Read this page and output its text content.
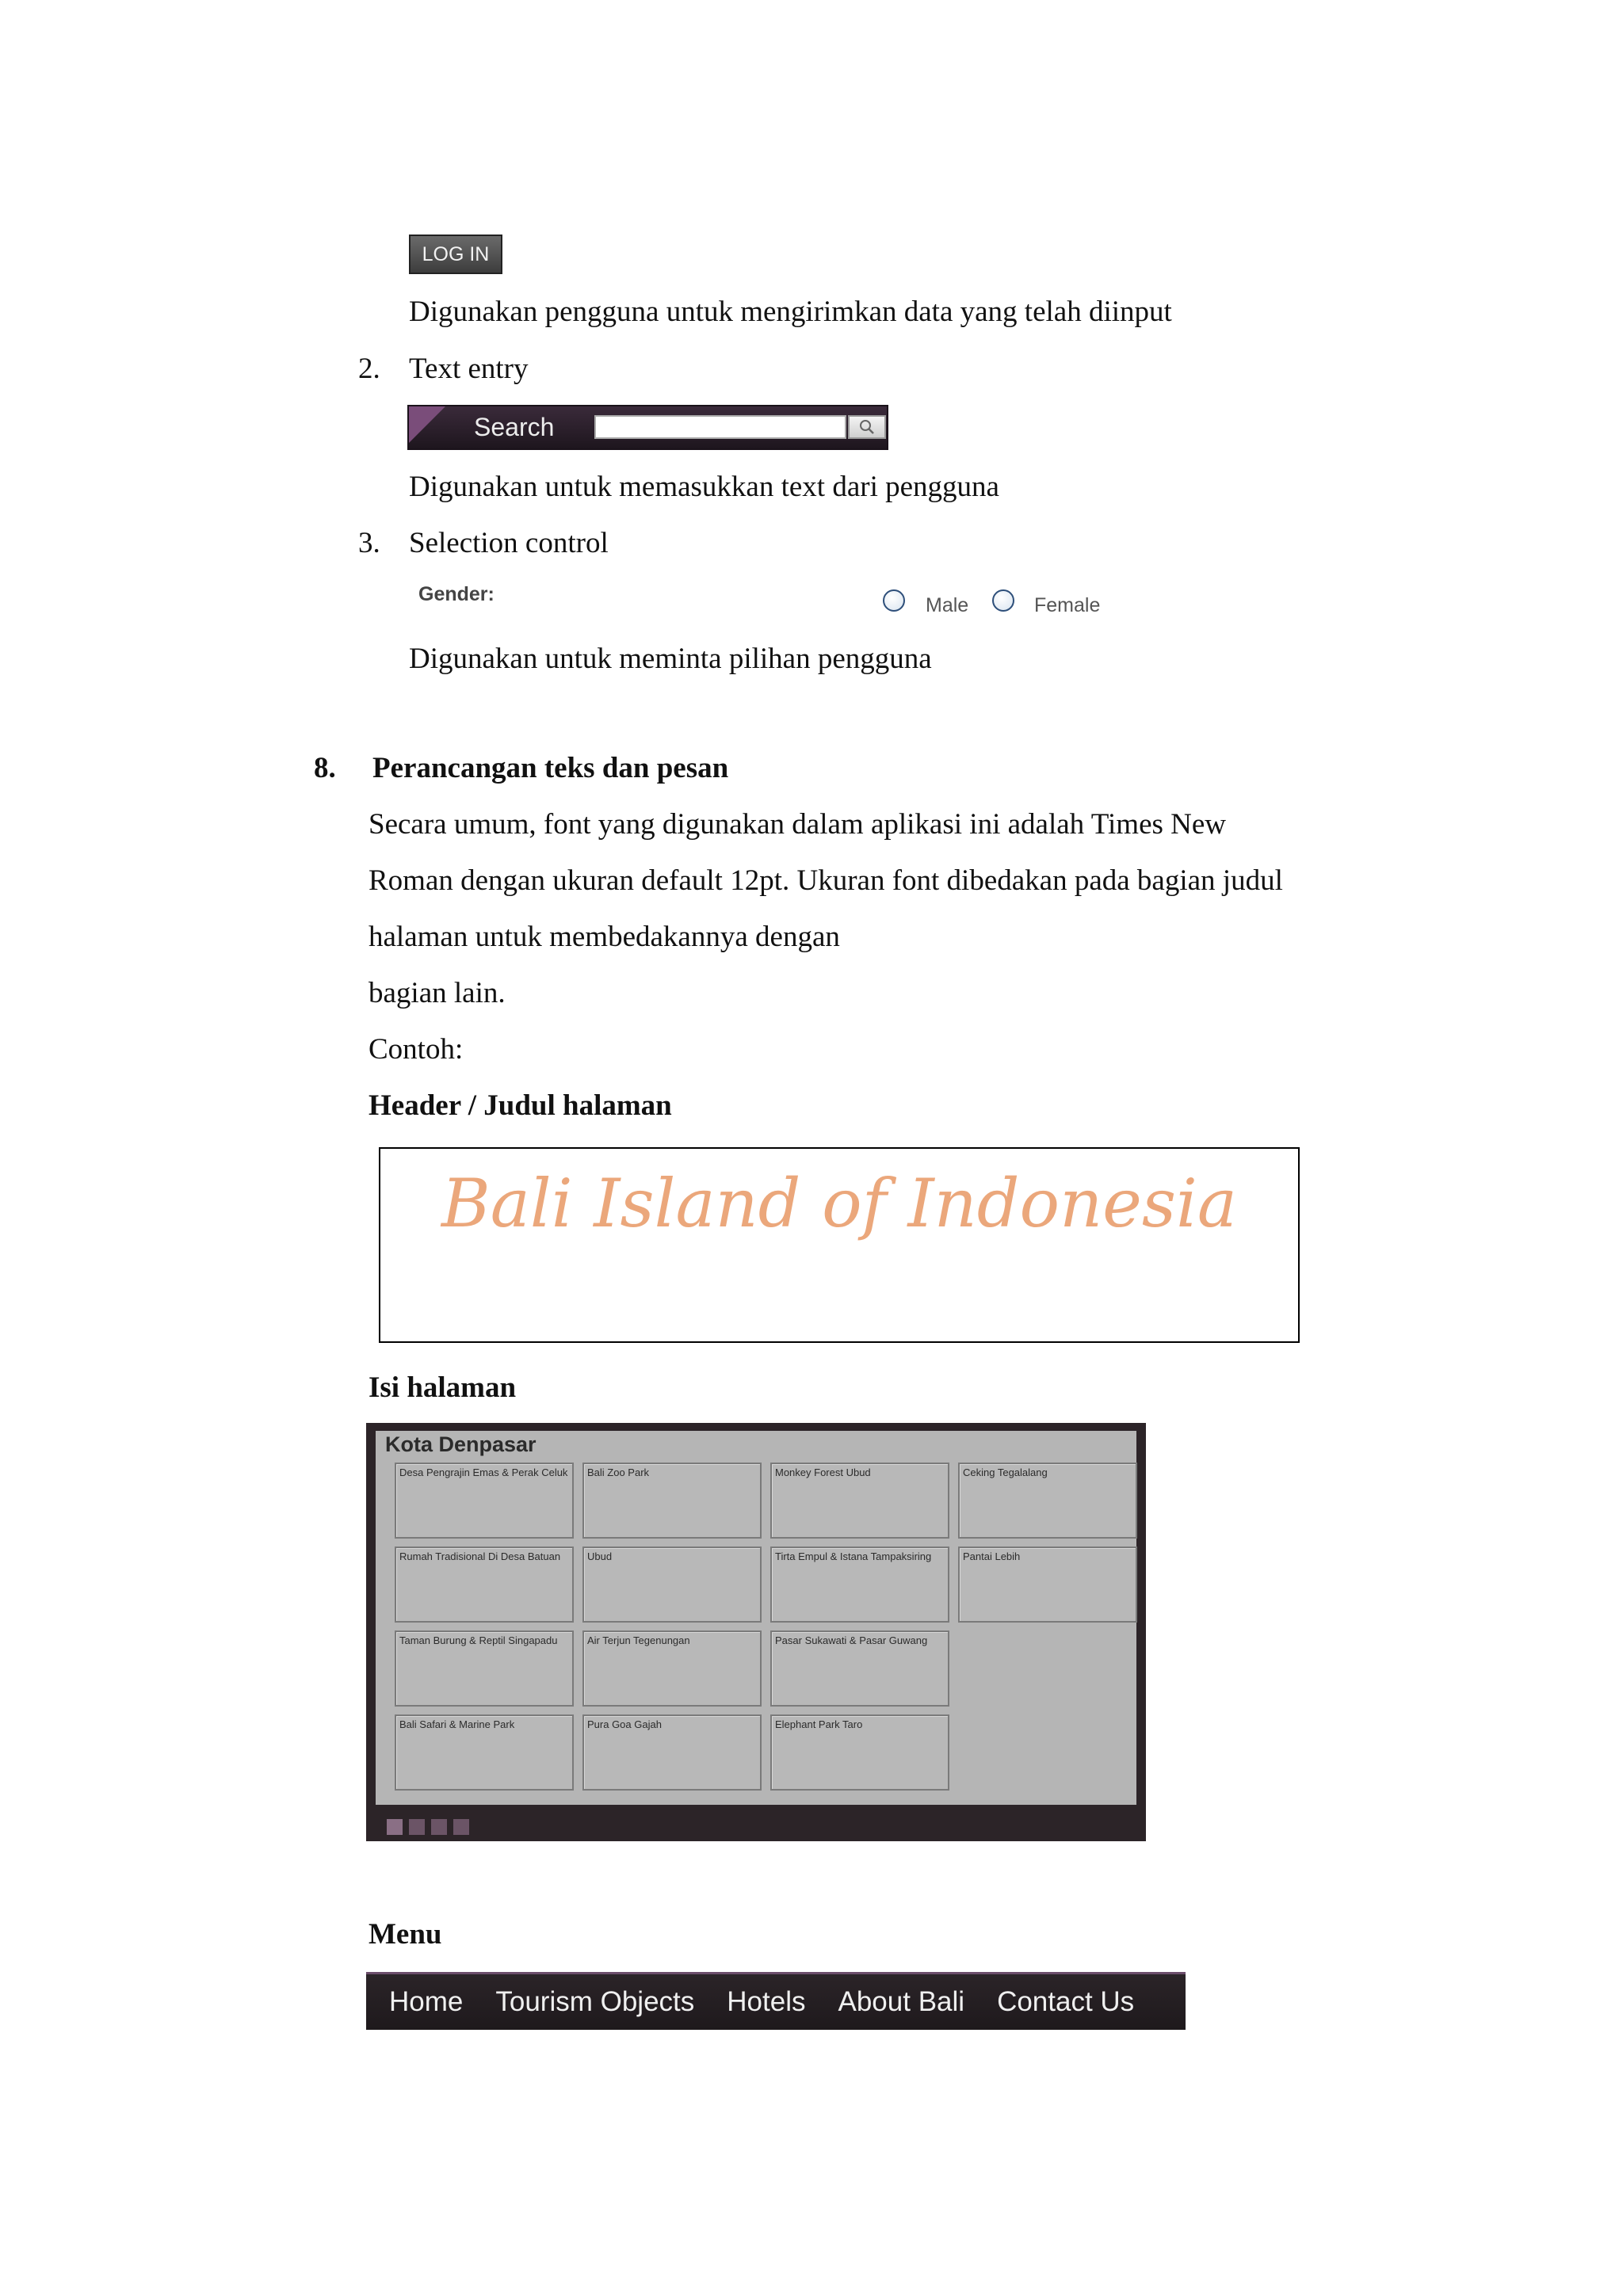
LOG IN
Digunakan pengguna untuk mengirimkan data yang telah diinput
2. Text entry
Search
Digunakan untuk memasukkan text dari pengguna
3. Selection control
Gender:	Male	Female
Digunakan untuk meminta pilihan pengguna
8. Perancangan teks dan pesan
Secara umum, font yang digunakan dalam aplikasi ini adalah Times New
Roman dengan ukuran default 12pt. Ukuran font dibedakan pada bagian judul
halaman untuk membedakannya dengan
bagian lain.
Contoh:
Header / Judul halaman
Bali Island of Indonesia
Isi halaman
Kota Denpasar
Desa Pengrajin Emas & Perak Celuk	Bali Zoo Park	Monkey Forest Ubud	Ceking Tegalalang
Rumah Tradisional Di Desa Batuan	Ubud	Tirta Empul & Istana Tampaksiring	Pantai Lebih
Taman Burung & Reptil Singapadu	Air Terjun Tegenungan	Pasar Sukawati & Pasar Guwang
Bali Safari & Marine Park	Pura Goa Gajah	Elephant Park Taro
Menu
Home	Tourism Objects	Hotels	About Bali	Contact Us
